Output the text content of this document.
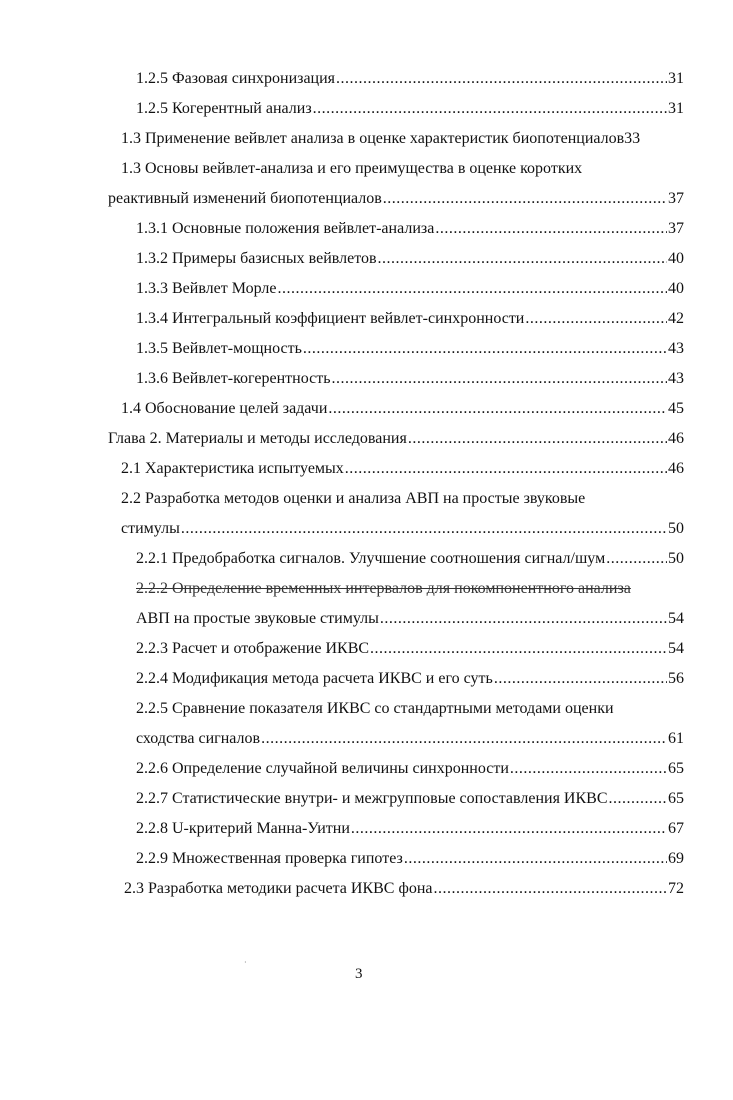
1.2.5 Фазовая синхронизация .....	31
1.2.5 Когерентный анализ .....	31
1.3 Применение вейвлет анализа в оценке характеристик биопотенциалов 33
1.3 Основы вейвлет-анализа и его преимущества в оценке коротких
реактивный изменений биопотенциалов .....	37
1.3.1 Основные положения вейвлет-анализа .....	37
1.3.2 Примеры базисных вейвлетов .....	40
1.3.3 Вейвлет Морле .....	40
1.3.4 Интегральный коэффициент вейвлет-синхронности .....	42
1.3.5 Вейвлет-мощность .....	43
1.3.6 Вейвлет-когерентность .....	43
1.4 Обоснование целей задачи .....	45
Глава 2. Материалы и методы исследования .....	46
2.1 Характеристика испытуемых .....	46
2.2 Разработка методов оценки и анализа АВП на простые звуковые
стимулы .....	50
2.2.1 Предобработка сигналов. Улучшение соотношения сигнал/шум .....	50
2.2.2 Определение временных интервалов для покомпонентного анализа
АВП на простые звуковые стимулы .....	54
2.2.3 Расчет и отображение ИКВС .....	54
2.2.4 Модификация метода расчета ИКВС и его суть .....	56
2.2.5 Сравнение показателя ИКВС со стандартными методами оценки
сходства сигналов .....	61
2.2.6 Определение случайной величины синхронности .....	65
2.2.7 Статистические внутри- и межгрупповые сопоставления ИКВС .....	65
2.2.8 U-критерий Манна-Уитни .....	67
2.2.9 Множественная проверка гипотез .....	69
2.3 Разработка методики расчета ИКВС фона .....	72
·
3
